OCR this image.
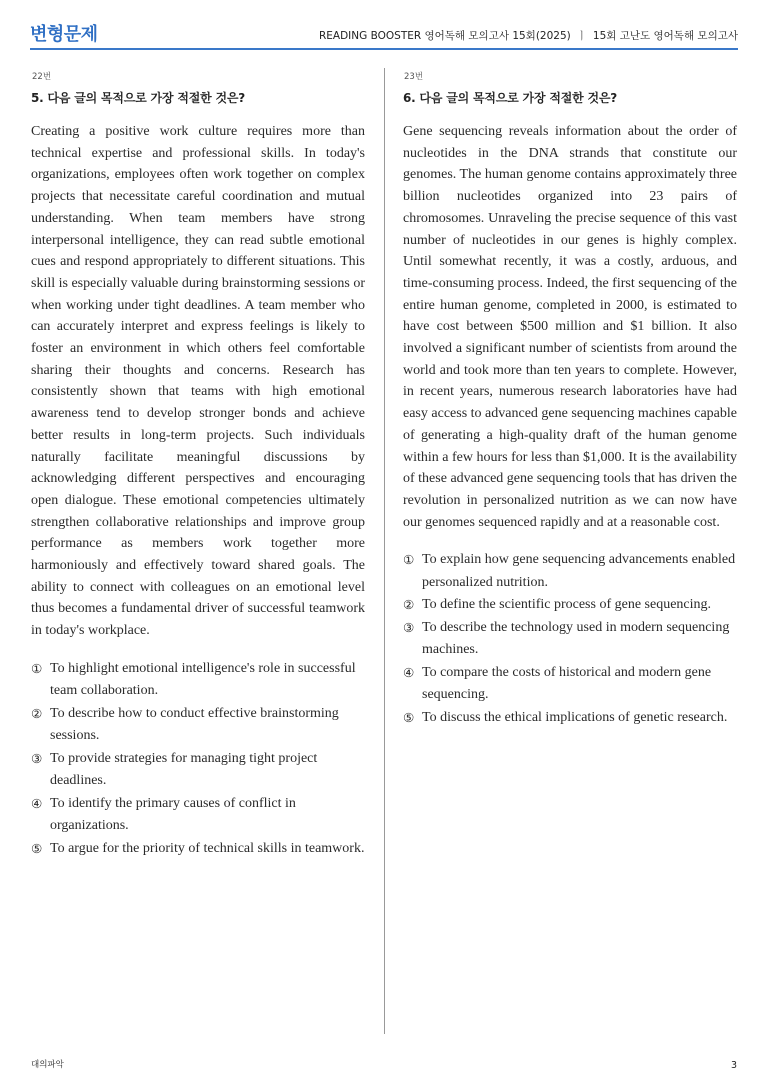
변형문제	READING BOOSTER 영어독해 모의고사 15회(2025) ㅣ 15회 고난도 영어독해 모의고사
22번
5. 다음 글의 목적으로 가장 적절한 것은?

Creating a positive work culture requires more than technical expertise and professional skills. In today's organizations, employees often work together on complex projects that necessitate careful coordination and mutual understanding. When team members have strong interpersonal intelligence, they can read subtle emotional cues and respond appropriately to different situations. This skill is especially valuable during brainstorming sessions or when working under tight deadlines. A team member who can accurately interpret and express feelings is likely to foster an environment in which others feel comfortable sharing their thoughts and concerns. Research has consistently shown that teams with high emotional awareness tend to develop stronger bonds and achieve better results in long-term projects. Such individuals naturally facilitate meaningful discussions by acknowledging different perspectives and encouraging open dialogue. These emotional competencies ultimately strengthen collaborative relationships and improve group performance as members work together more harmoniously and effectively toward shared goals. The ability to connect with colleagues on an emotional level thus becomes a fundamental driver of successful teamwork in today's workplace.

① To highlight emotional intelligence's role in successful team collaboration.
② To describe how to conduct effective brainstorming sessions.
③ To provide strategies for managing tight project deadlines.
④ To identify the primary causes of conflict in organizations.
⑤ To argue for the priority of technical skills in teamwork.
23번
6. 다음 글의 목적으로 가장 적절한 것은?

Gene sequencing reveals information about the order of nucleotides in the DNA strands that constitute our genomes. The human genome contains approximately three billion nucleotides organized into 23 pairs of chromosomes. Unraveling the precise sequence of this vast number of nucleotides in our genes is highly complex. Until somewhat recently, it was a costly, arduous, and time-consuming process. Indeed, the first sequencing of the entire human genome, completed in 2000, is estimated to have cost between $500 million and $1 billion. It also involved a significant number of scientists from around the world and took more than ten years to complete. However, in recent years, numerous research laboratories have had easy access to advanced gene sequencing machines capable of generating a high-quality draft of the human genome within a few hours for less than $1,000. It is the availability of these advanced gene sequencing tools that has driven the revolution in personalized nutrition as we can now have our genomes sequenced rapidly and at a reasonable cost.

① To explain how gene sequencing advancements enabled personalized nutrition.
② To define the scientific process of gene sequencing.
③ To describe the technology used in modern sequencing machines.
④ To compare the costs of historical and modern gene sequencing.
⑤ To discuss the ethical implications of genetic research.
대의파악	3
